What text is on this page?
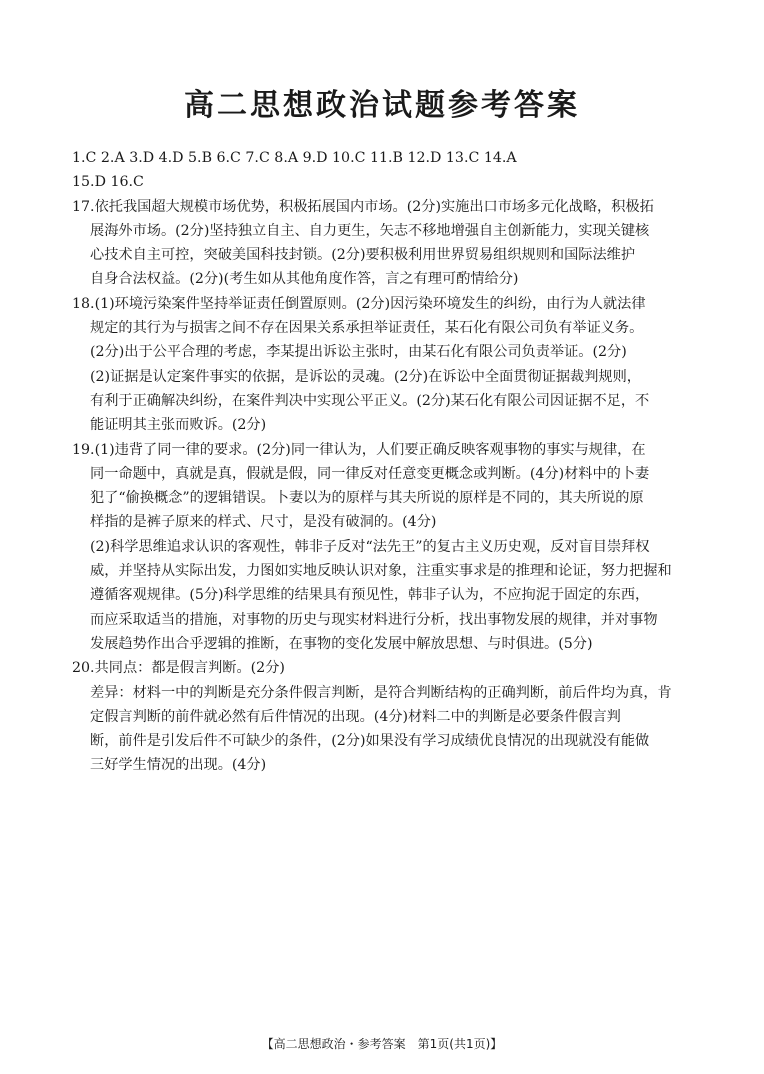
高二思想政治试题参考答案
1.C 2.A 3.D 4.D 5.B 6.C 7.C 8.A 9.D 10.C 11.B 12.D 13.C 14.A
15.D 16.C
17.依托我国超大规模市场优势，积极拓展国内市场。(2分)实施出口市场多元化战略，积极拓
展海外市场。(2分)坚持独立自主、自力更生，矢志不移地增强自主创新能力，实现关键核
心技术自主可控，突破美国科技封锁。(2分)要积极利用世界贸易组织规则和国际法维护
自身合法权益。(2分)(考生如从其他角度作答，言之有理可酌情给分)
18.(1)环境污染案件坚持举证责任倒置原则。(2分)因污染环境发生的纠纷，由行为人就法律
规定的其行为与损害之间不存在因果关系承担举证责任，某石化有限公司负有举证义务。
(2分)出于公平合理的考虑，李某提出诉讼主张时，由某石化有限公司负责举证。(2分)
(2)证据是认定案件事实的依据，是诉讼的灵魂。(2分)在诉讼中全面贯彻证据裁判规则，
有利于正确解决纠纷，在案件判决中实现公平正义。(2分)某石化有限公司因证据不足，不
能证明其主张而败诉。(2分)
19.(1)违背了同一律的要求。(2分)同一律认为，人们要正确反映客观事物的事实与规律，在
同一命题中，真就是真，假就是假，同一律反对任意变更概念或判断。(4分)材料中的卜妻
犯了“偷换概念”的逻辑错误。卜妻以为的原样与其夫所说的原样是不同的，其夫所说的原
样指的是裤子原来的样式、尺寸，是没有破洞的。(4分)
(2)科学思维追求认识的客观性，韩非子反对“法先王”的复古主义历史观，反对盲目崇拜权
威，并坚持从实际出发，力图如实地反映认识对象，注重实事求是的推理和论证，努力把握和
遵循客观规律。(5分)科学思维的结果具有预见性，韩非子认为，不应拘泥于固定的东西，
而应采取适当的措施，对事物的历史与现实材料进行分析，找出事物发展的规律，并对事物
发展趋势作出合乎逻辑的推断，在事物的变化发展中解放思想、与时俱进。(5分)
20.共同点：都是假言判断。(2分)
差异：材料一中的判断是充分条件假言判断，是符合判断结构的正确判断，前后件均为真，肯
定假言判断的前件就必然有后件情况的出现。(4分)材料二中的判断是必要条件假言判
断，前件是引发后件不可缺少的条件，(2分)如果没有学习成绩优良情况的出现就没有能做
三好学生情况的出现。(4分)
【高二思想政治・参考答案　第1页(共1页)】
